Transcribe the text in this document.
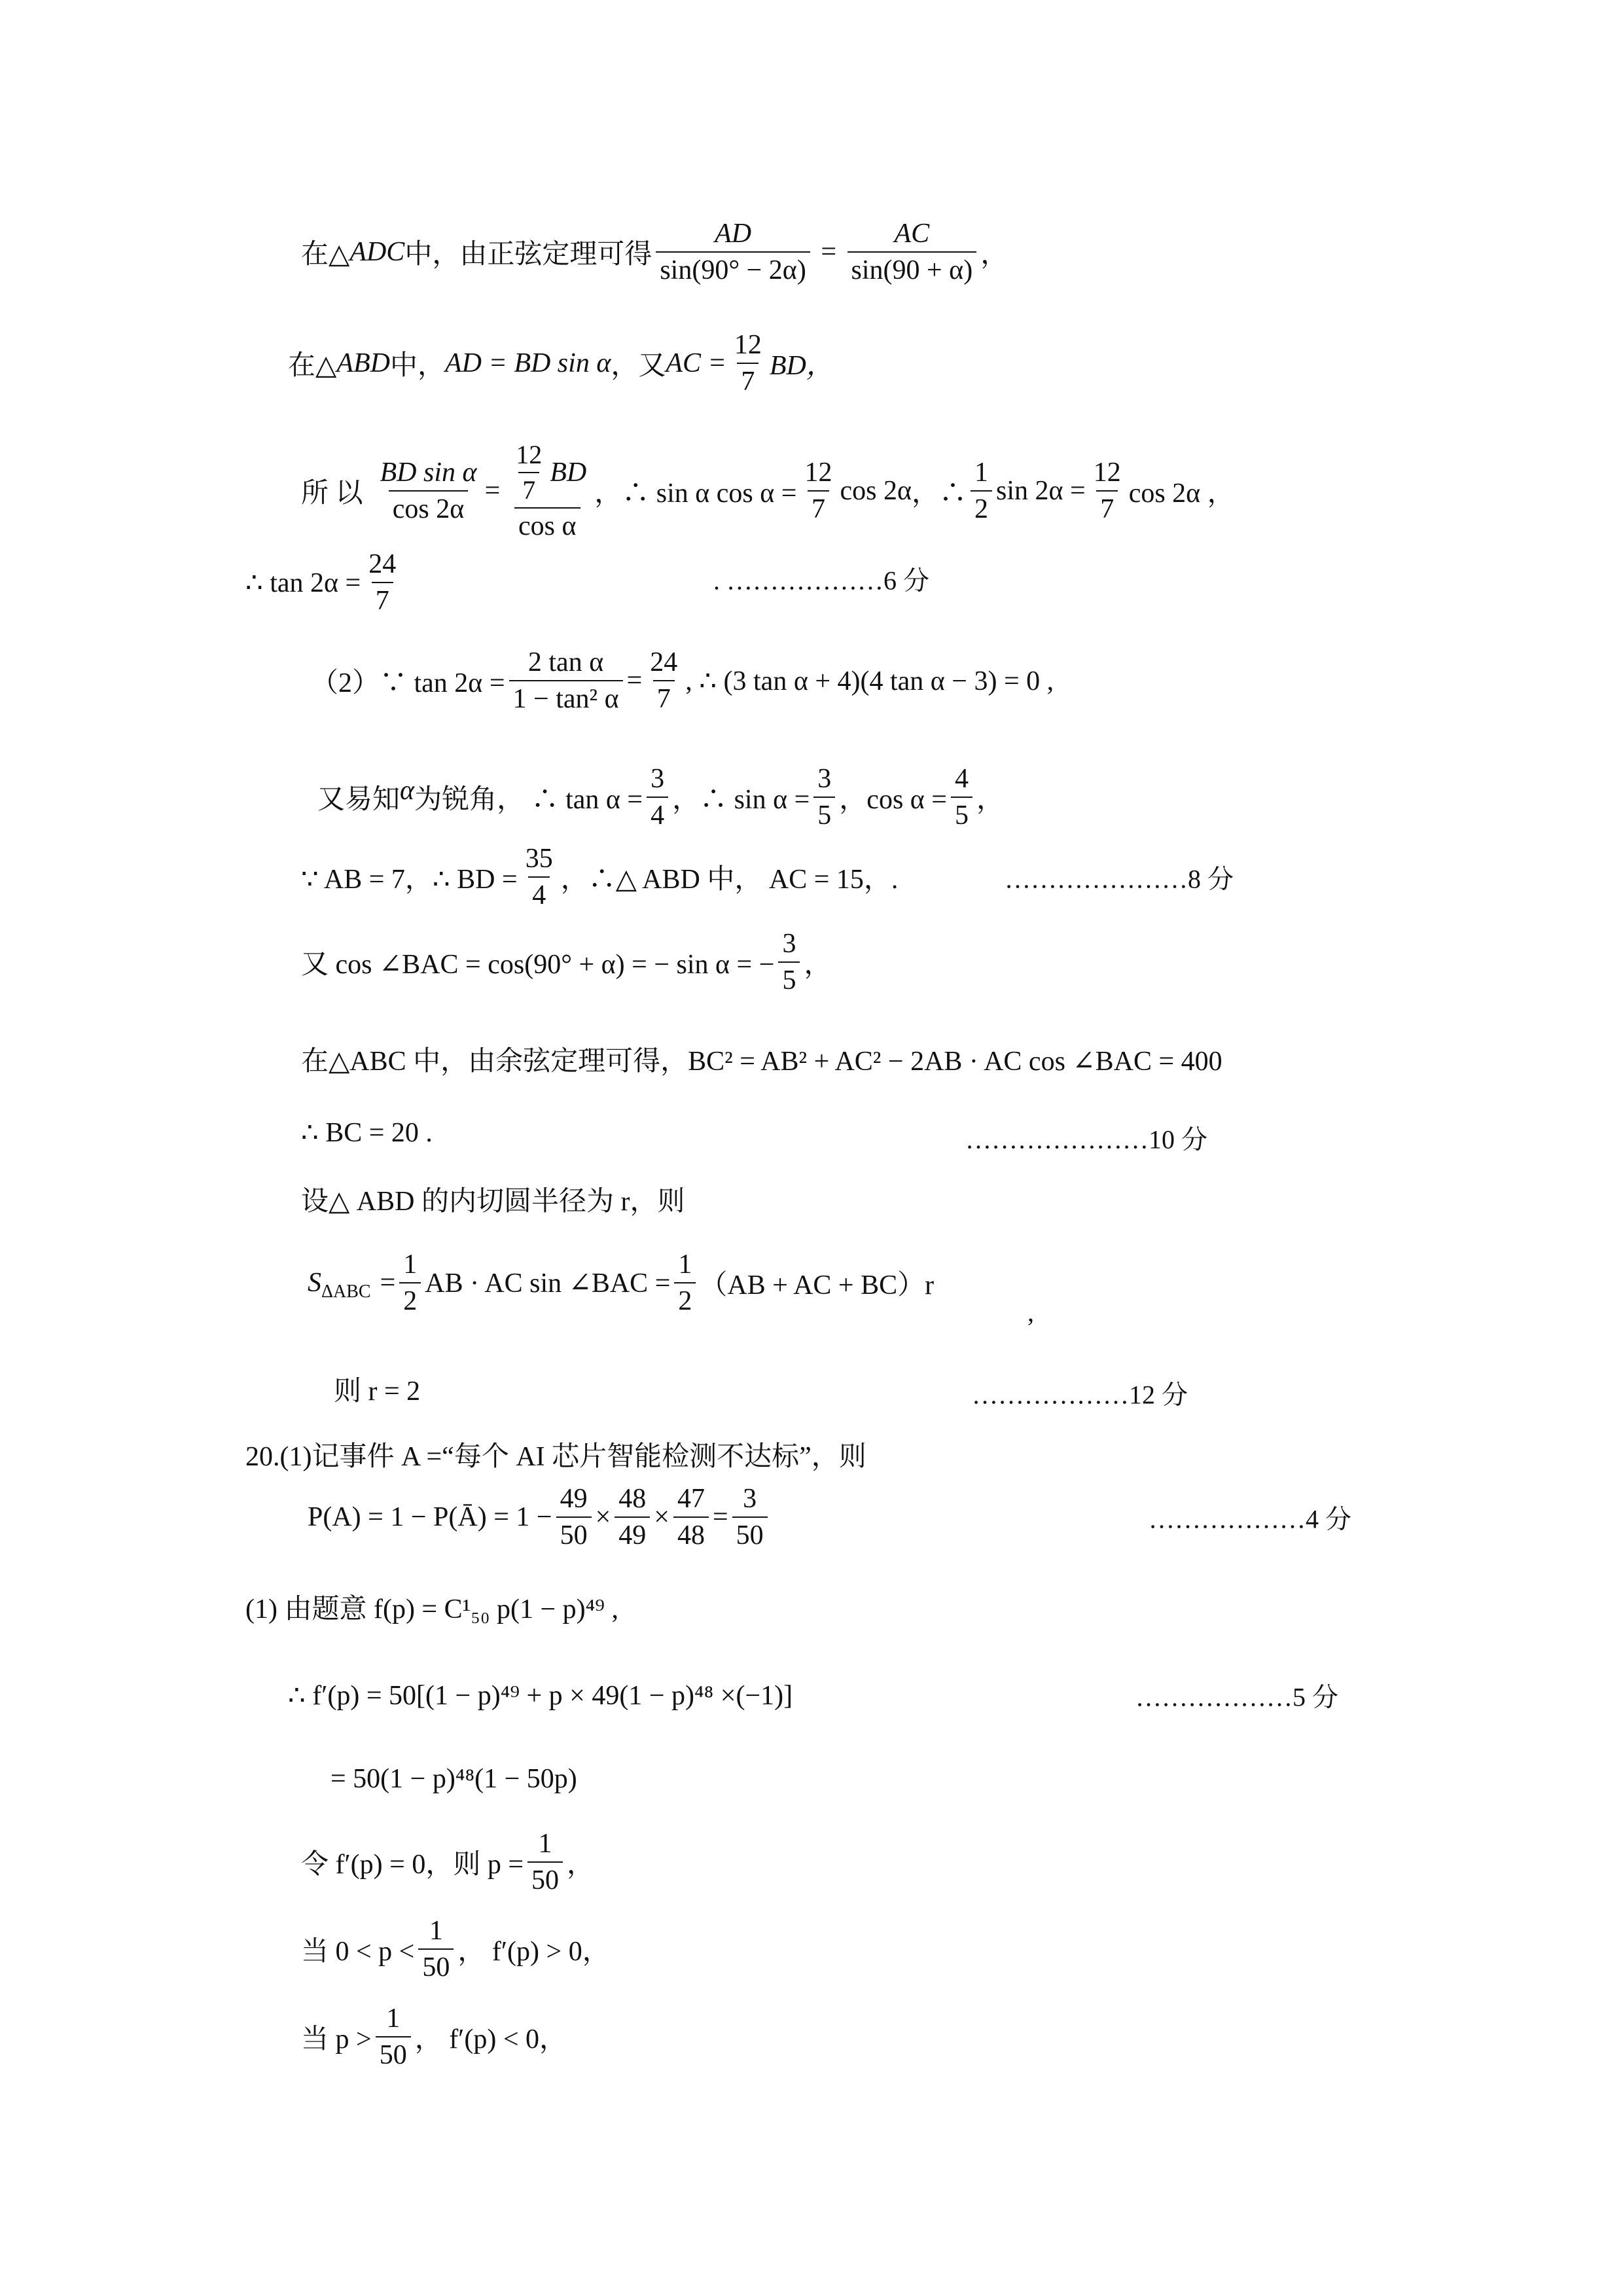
在△ ADC 中，由正弦定理可得 $\frac{AD}{\sin(90^\circ - 2\alpha)} = \frac{AC}{\sin(90 + \alpha)}$ ，
在△ ABD 中， AD = BD sin α ，又 AC = $\frac{12}{7}$ BD，
所 以 $\frac{\text{BD sin α}}{\cos 2\alpha} = \frac{\frac{12}{7} BD}{\text{cos α}}$ ，∴ sin α $\cos \alpha = \frac{12}{7}$ cos 2α ，∴ $\frac{1}{2}$ $\sin 2\alpha = \frac{12}{7}$ cos 2α ，
∴ $\tan 2\alpha = \frac{24}{7}$	. ………………6 分
（2）∵ $\tan 2\alpha = \frac{\text{2 tan α}}{\text{1 − tan² α}} = \frac{24}{7}$ , ∴ (3 tan α + 4)(4 tan α − 3) = 0 ,
又易知 α 为锐角， ∴ $\tan \alpha = \frac{3}{4}$ ，∴ $\sin \alpha = \frac{3}{5}$ ，$\cos \alpha = \frac{4}{5}$ ，
∵ AB = 7，∴ BD = $\frac{35}{4}$ ，∴△ ABD 中， AC = 15，.	…………………8 分
又 cos ∠BAC = cos(90° + α) = − sin α = − $\frac{3}{5}$ ，
在△ABC 中，由余弦定理可得，BC² = AB² + AC² − 2AB · AC cos ∠BAC = 400
∴ BC = 20 .	…………………10 分
设△ ABD 的内切圆半径为 r，则
$S_{\Delta ABC} = \frac{1}{2}$ AB · AC sin ∠BAC = $\frac{1}{2} (AB$ + AC + BC）r
,
则 r = 2	………………12 分
20.(1)记事件 A =“每个 AI 芯片智能检测不达标”，则
P(A) = 1 − P(Ā) = $1 - \frac{49}{50} \times \frac{48}{49} \times \frac{47}{48} = \frac{3}{50}$	………………4 分
(1) 由题意 f(p) = C¹₅₀ p(1 − p)⁴⁹ ,
∴ f′(p) = 50[(1 − p)⁴⁹ + p × 49(1 − p)⁴⁸ ×(−1)]	………………5 分
= 50(1 − p)⁴⁸(1 − 50p)
令 f′(p) = 0，则 $p = \frac{1}{50}$ ，
当 $0 < p < \frac{1}{50}$ ， f′(p) > 0，
当 $p > \frac{1}{50}$ ， f′(p) < 0，
